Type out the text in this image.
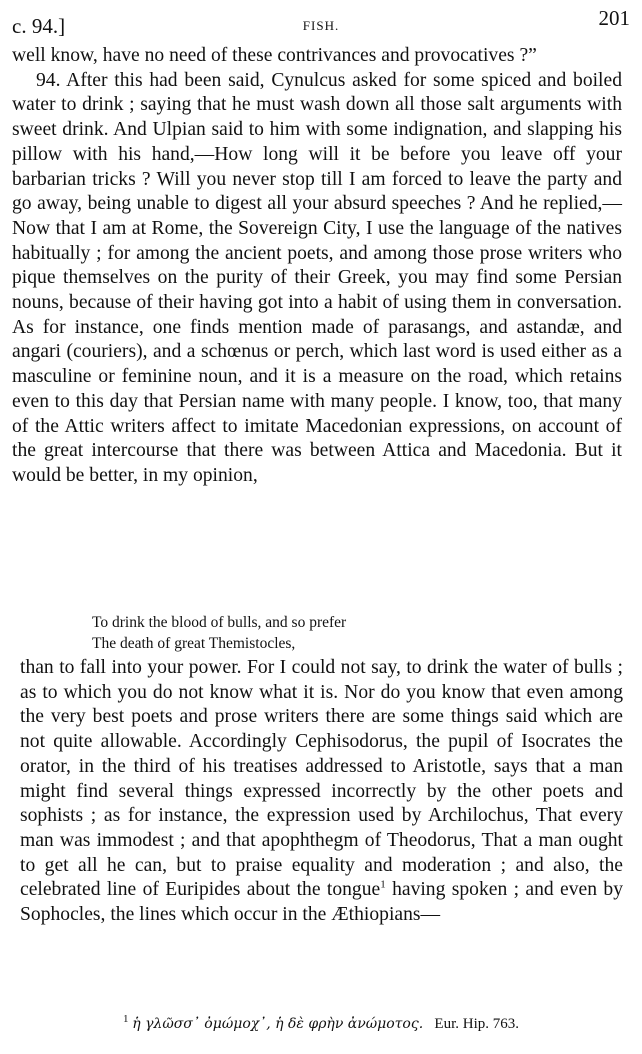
c. 94.]	FISH.	201

well know, have no need of these contrivances and provocatives ?”

94. After this had been said, Cynulcus asked for some spiced and boiled water to drink ; saying that he must wash down all those salt arguments with sweet drink. And Ulpian said to him with some indignation, and slapping his pillow with his hand,—How long will it be before you leave off your barbarian tricks ? Will you never stop till I am forced to leave the party and go away, being unable to digest all your absurd speeches ? And he replied,—Now that I am at Rome, the Sovereign City, I use the language of the natives habitually ; for among the ancient poets, and among those prose writers who pique themselves on the purity of their Greek, you may find some Persian nouns, because of their having got into a habit of using them in conversation. As for instance, one finds mention made of parasangs, and astandæ, and angari (couriers), and a schœnus or perch, which last word is used either as a masculine or feminine noun, and it is a measure on the road, which retains even to this day that Persian name with many people. I know, too, that many of the Attic writers affect to imitate Macedonian expressions, on account of the great intercourse that there was between Attica and Macedonia. But it would be better, in my opinion,

To drink the blood of bulls, and so prefer
The death of great Themistocles,

than to fall into your power. For I could not say, to drink the water of bulls ; as to which you do not know what it is. Nor do you know that even among the very best poets and prose writers there are some things said which are not quite allowable. Accordingly Cephisodorus, the pupil of Isocrates the orator, in the third of his treatises addressed to Aristotle, says that a man might find several things expressed incorrectly by the other poets and sophists ; as for instance, the expression used by Archilochus, That every man was immodest ; and that apophthegm of Theodorus, That a man ought to get all he can, but to praise equality and moderation ; and also, the celebrated line of Euripides about the tongue$^1$ having spoken ; and even by Sophocles, the lines which occur in the Æthiopians—

$^1$ ἡ γλῶσσ᾽ ὀμώμοχ᾽, ἡ δὲ φρὴν ἀνώμοτος. Eur. Hip. 763.
